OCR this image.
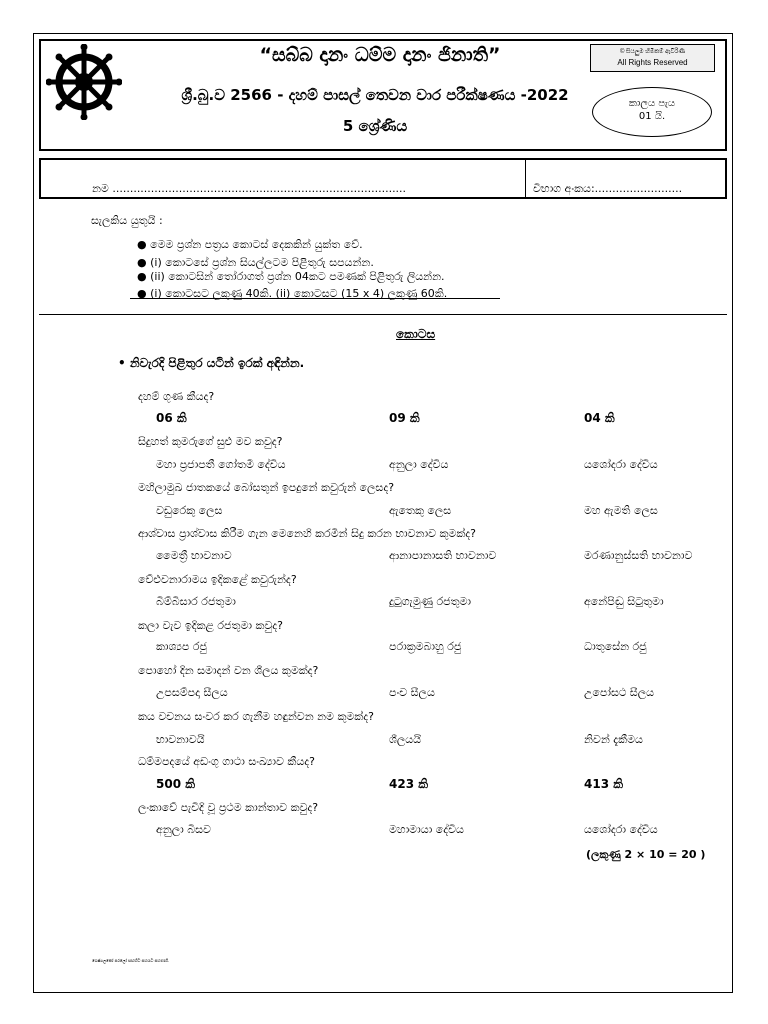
“සබ්බ දානං ධම්ම දානං ජිනාති”
ශ්‍රී.බු.ව 2566 - දහම් පාසල් තෙවන වාර පරීක්ෂණය -2022
5 ශ්‍රේණිය
© සියලුම හිමිකම් ඇවිරිණි
All Rights Reserved
කාලය පැය
01 යි.
නම ....................................................................................	විභාග අංකය:.........................
සැලකිය යුතුයි :
● මෙම ප්‍රශ්න පත්‍රය කොටස් දෙකකින් යුක්ත වේ.
● (i) කොටසේ ප්‍රශ්න සියල්ලටම පිළිතුරු සපයන්න.
● (ii) කොටසින් තෝරාගත් ප්‍රශ්න 04කට පමණක් පිළිතුරු ලියන්න.
● (i) කොටසට ලකුණු 40කි. (ii) කොටසට (15 x 4) ලකුණු 60කි.
කොටස
• නිවැරදි පිළිතුර යටින් ඉරක් අඳින්න.
දහම් ගුණ කීයද?
06 කි	09 කි	04 කි
සිදුහත් කුමරුගේ සුළු මව කවුද?
මහා ප්‍රජාපතී ගෝතමී දේවිය	අනුලා දේවිය	යශෝදරා දේවිය
මහිලාමුඛ ජාතකයේ බෝසතුන් ඉපදුනේ කවුරුන් ලෙසද?
වඩුරෙකු ලෙස	ඇතෙකු ලෙස	මහ ඇමති ලෙස
ආශ්වාස ප්‍රාශ්වාස කිරීම ගැන මෙනෙහි කරමින් සිදු කරන භාවනාව කුමක්ද?
මෛත්‍රී භාවනාව	ආනාපානාසති භාවනාව	මරණානුස්සති භාවනාව
වේළුවනාරාමය ඉදිකළේ කවුරුන්ද?
බිම්බිසාර රජතුමා	දුටුගැමුණු රජතුමා	අනේපිඬු සිටුතුමා
කලා වැව ඉදිකළ රජතුමා කවුද?
කාශ්‍යප රජු	පරාක්‍රමබාහු රජු	ධාතුසේන රජු
පොහෝ දින සමාදන් වන ශීලය කුමක්ද?
උපසම්පදා සීලය	පංච සීලය	උපෝසථ සීලය
කය වචනය සංවර කර ගැනීම හඳුන්වන නම කුමක්ද?
භාවනාවයි	ශීලයයි	නිවන් දැකීමය
ධම්මපදයේ අඩංගු ගාථා සංඛ්‍යාව කීයද?
500 කි	423 කි	413 කි
ලංකාවේ පැවිදි වූ ප්‍රථම කාන්තාව කවුද?
අනුලා බිසව	මහාමායා දේවිය	යශෝදරා දේවිය
(ලකුණු 2 × 10 = 20 )
ශෙෂ්ඨලකෝ පරලෝ සඟහිට සහයට සහභාගී.
